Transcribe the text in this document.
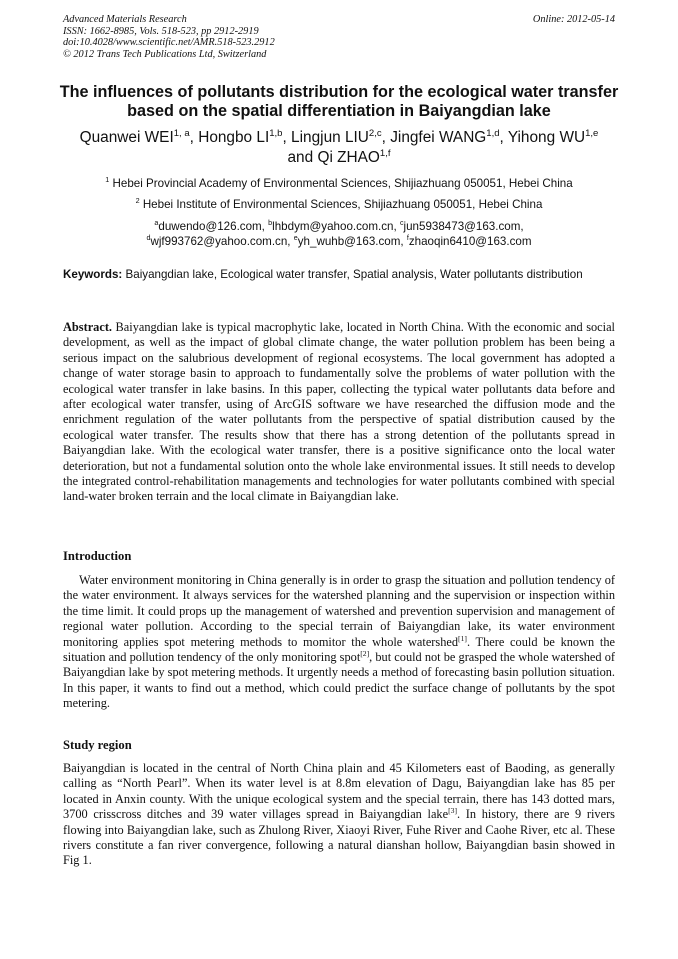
Advanced Materials Research
ISSN: 1662-8985, Vols. 518-523, pp 2912-2919
doi:10.4028/www.scientific.net/AMR.518-523.2912
© 2012 Trans Tech Publications Ltd, Switzerland
Online: 2012-05-14
The influences of pollutants distribution for the ecological water transfer based on the spatial differentiation in Baiyangdian lake
Quanwei WEI$^{1, a}$, Hongbo LI$^{1,b}$, Lingjun LIU$^{2,c}$, Jingfei WANG$^{1,d}$, Yihong WU$^{1,e}$
and Qi ZHAO$^{1,f}$
$^1$ Hebei Provincial Academy of Environmental Sciences, Shijiazhuang 050051, Hebei China
$^2$ Hebei Institute of Environmental Sciences, Shijiazhuang 050051, Hebei China
$^a$duwendo@126.com, $^b$lhbdym@yahoo.com.cn, $^c$jun5938473@163.com,
$^d$wjf993762@yahoo.com.cn, $^e$yh_wuhb@163.com, $^f$zhaoqin6410@163.com
Keywords: Baiyangdian lake, Ecological water transfer, Spatial analysis, Water pollutants distribution
Abstract. Baiyangdian lake is typical macrophytic lake, located in North China. With the economic and social development, as well as the impact of global climate change, the water pollution problem has been being a serious impact on the salubrious development of regional ecosystems. The local government has adopted a change of water storage basin to approach to fundamentally solve the problems of water pollution with the ecological water transfer in lake basins. In this paper, collecting the typical water pollutants data before and after ecological water transfer, using of ArcGIS software we have researched the diffusion mode and the enrichment regulation of the water pollutants from the perspective of spatial distribution caused by the ecological water transfer. The results show that there has a strong detention of the pollutants spread in Baiyangdian lake. With the ecological water transfer, there is a positive significance onto the local water deterioration, but not a fundamental solution onto the whole lake environmental issues. It still needs to develop the integrated control-rehabilitation managements and technologies for water pollutants combined with special land-water broken terrain and the local climate in Baiyangdian lake.
Introduction
Water environment monitoring in China generally is in order to grasp the situation and pollution tendency of the water environment. It always services for the watershed planning and the supervision or inspection within the time limit. It could props up the management of watershed and prevention supervision and management of regional water pollution. According to the special terrain of Baiyangdian lake, its water environment monitoring applies spot metering methods to momitor the whole watershed[1]. There could be known the situation and pollution tendency of the only monitoring spot[2], but could not be grasped the whole watershed of Baiyangdian lake by spot metering methods. It urgently needs a method of forecasting basin pollution situation. In this paper, it wants to find out a method, which could predict the surface change of pollutants by the spot metering.
Study region
Baiyangdian is located in the central of North China plain and 45 Kilometers east of Baoding, as generally calling as “North Pearl”. When its water level is at 8.8m elevation of Dagu, Baiyangdian lake has 85 per located in Anxin county. With the unique ecological system and the special terrain, there has 143 dotted mars, 3700 crisscross ditches and 39 water villages spread in Baiyangdian lake[3]. In history, there are 9 rivers flowing into Baiyangdian lake, such as Zhulong River, Xiaoyi River, Fuhe River and Caohe River, etc al. These rivers constitute a fan river convergence, following a natural dianshan hollow, Baiyangdian basin showed in Fig 1.
